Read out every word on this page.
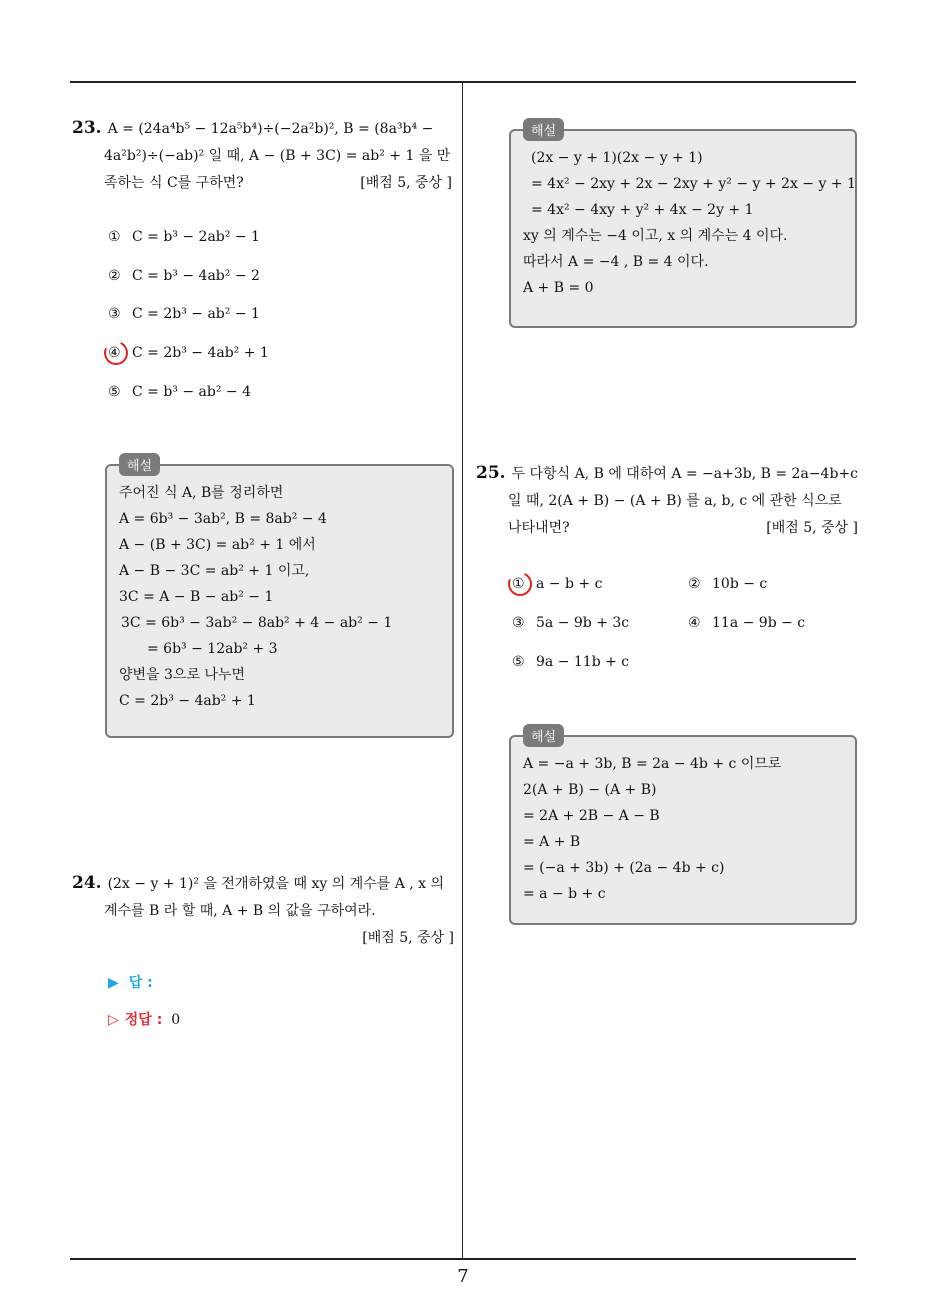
23. A = (24a⁴b⁵ − 12a⁵b⁴)÷(−2a²b)², B = (8a³b⁴ −
4a²b²)÷(−ab)² 일 때, A − (B + 3C) = ab² + 1 을 만
족하는 식 C를 구하면?	[배점 5, 중상 ]
① C = b³ − 2ab² − 1
② C = b³ − 4ab² − 2
③ C = 2b³ − ab² − 1
④ C = 2b³ − 4ab² + 1
⑤ C = b³ − ab² − 4
해설
주어진 식 A, B를 정리하면
A = 6b³ − 3ab², B = 8ab² − 4
A − (B + 3C) = ab² + 1 에서
A − B − 3C = ab² + 1 이고,
3C = A − B − ab² − 1
3C = 6b³ − 3ab² − 8ab² + 4 − ab² − 1
= 6b³ − 12ab² + 3
양변을 3으로 나누면
C = 2b³ − 4ab² + 1
24. (2x − y + 1)² 을 전개하였을 때 xy 의 계수를 A , x 의
계수를 B 라 할 때, A + B 의 값을 구하여라.
[배점 5, 중상 ]
▶ 답 :
▷ 정답 : 0
해설
(2x − y + 1)(2x − y + 1)
= 4x² − 2xy + 2x − 2xy + y² − y + 2x − y + 1
= 4x² − 4xy + y² + 4x − 2y + 1
xy 의 계수는 −4 이고, x 의 계수는 4 이다.
따라서 A = −4 , B = 4 이다.
A + B = 0
25. 두 다항식 A, B 에 대하여 A = −a+3b, B = 2a−4b+c
일 때, 2(A + B) − (A + B) 를 a, b, c 에 관한 식으로
나타내면?	[배점 5, 중상 ]
① a − b + c	② 10b − c
③ 5a − 9b + 3c	④ 11a − 9b − c
⑤ 9a − 11b + c
해설
A = −a + 3b, B = 2a − 4b + c 이므로
2(A + B) − (A + B)
= 2A + 2B − A − B
= A + B
= (−a + 3b) + (2a − 4b + c)
= a − b + c
7
